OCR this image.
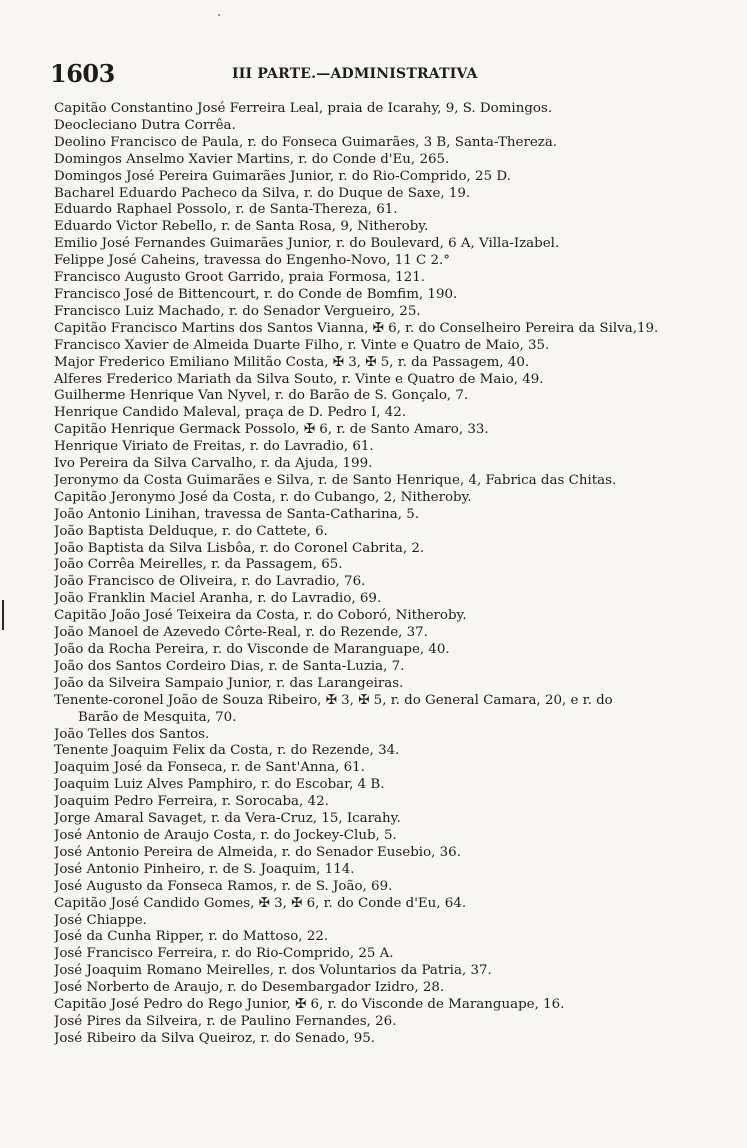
1603	III PARTE.—ADMINISTRATIVA
Capitão Constantino José Ferreira Leal, praia de Icarahy, 9, S. Domingos.
Deocleciano Dutra Corrêa.
Deolino Francisco de Paula, r. do Fonseca Guimarães, 3 B, Santa-Thereza.
Domingos Anselmo Xavier Martins, r. do Conde d'Eu, 265.
Domingos José Pereira Guimarães Junior, r. do Rio-Comprido, 25 D.
Bacharel Eduardo Pacheco da Silva, r. do Duque de Saxe, 19.
Eduardo Raphael Possolo, r. de Santa-Thereza, 61.
Eduardo Victor Rebello, r. de Santa Rosa, 9, Nitheroby.
Emilio José Fernandes Guimarães Junior, r. do Boulevard, 6 A, Villa-Izabel.
Felippe José Caheins, travessa do Engenho-Novo, 11 C 2.°
Francisco Augusto Groot Garrido, praia Formosa, 121.
Francisco José de Bittencourt, r. do Conde de Bomfim, 190.
Francisco Luiz Machado, r. do Senador Vergueiro, 25.
Capitão Francisco Martins dos Santos Vianna, ✠ 6, r. do Conselheiro Pereira da Silva,19.
Francisco Xavier de Almeida Duarte Filho, r. Vinte e Quatro de Maio, 35.
Major Frederico Emiliano Militão Costa, ✠ 3, ✠ 5, r. da Passagem, 40.
Alferes Frederico Mariath da Silva Souto, r. Vinte e Quatro de Maio, 49.
Guilherme Henrique Van Nyvel, r. do Barão de S. Gonçalo, 7.
Henrique Candido Maleval, praça de D. Pedro I, 42.
Capitão Henrique Germack Possolo, ✠ 6, r. de Santo Amaro, 33.
Henrique Viriato de Freitas, r. do Lavradio, 61.
Ivo Pereira da Silva Carvalho, r. da Ajuda, 199.
Jeronymo da Costa Guimarães e Silva, r. de Santo Henrique, 4, Fabrica das Chitas.
Capitão Jeronymo José da Costa, r. do Cubango, 2, Nitheroby.
João Antonio Linihan, travessa de Santa-Catharina, 5.
João Baptista Delduque, r. do Cattete, 6.
João Baptista da Silva Lisbôa, r. do Coronel Cabrita, 2.
João Corrêa Meirelles, r. da Passagem, 65.
João Francisco de Oliveira, r. do Lavradio, 76.
João Franklin Maciel Aranha, r. do Lavradio, 69.
Capitão João José Teixeira da Costa, r. do Coboró, Nitheroby.
João Manoel de Azevedo Côrte-Real, r. do Rezende, 37.
João da Rocha Pereira, r. do Visconde de Maranguape, 40.
João dos Santos Cordeiro Dias, r. de Santa-Luzia, 7.
João da Silveira Sampaio Junior, r. das Larangeiras.
Tenente-coronel João de Souza Ribeiro, ✠ 3, ✠ 5, r. do General Camara, 20, e r. do
Barão de Mesquita, 70.
João Telles dos Santos.
Tenente Joaquim Felix da Costa, r. do Rezende, 34.
Joaquim José da Fonseca, r. de Sant'Anna, 61.
Joaquim Luiz Alves Pamphiro, r. do Escobar, 4 B.
Joaquim Pedro Ferreira, r. Sorocaba, 42.
Jorge Amaral Savaget, r. da Vera-Cruz, 15, Icarahy.
José Antonio de Araujo Costa, r. do Jockey-Club, 5.
José Antonio Pereira de Almeida, r. do Senador Eusebio, 36.
José Antonio Pinheiro, r. de S. Joaquim, 114.
José Augusto da Fonseca Ramos, r. de S. João, 69.
Capitão José Candido Gomes, ✠ 3, ✠ 6, r. do Conde d'Eu, 64.
José Chiappe.
José da Cunha Ripper, r. do Mattoso, 22.
José Francisco Ferreira, r. do Rio-Comprido, 25 A.
José Joaquim Romano Meirelles, r. dos Voluntarios da Patria, 37.
José Norberto de Araujo, r. do Desembargador Izidro, 28.
Capitão José Pedro do Rego Junior, ✠ 6, r. do Visconde de Maranguape, 16.
José Pires da Silveira, r. de Paulino Fernandes, 26.
José Ribeiro da Silva Queiroz, r. do Senado, 95.
